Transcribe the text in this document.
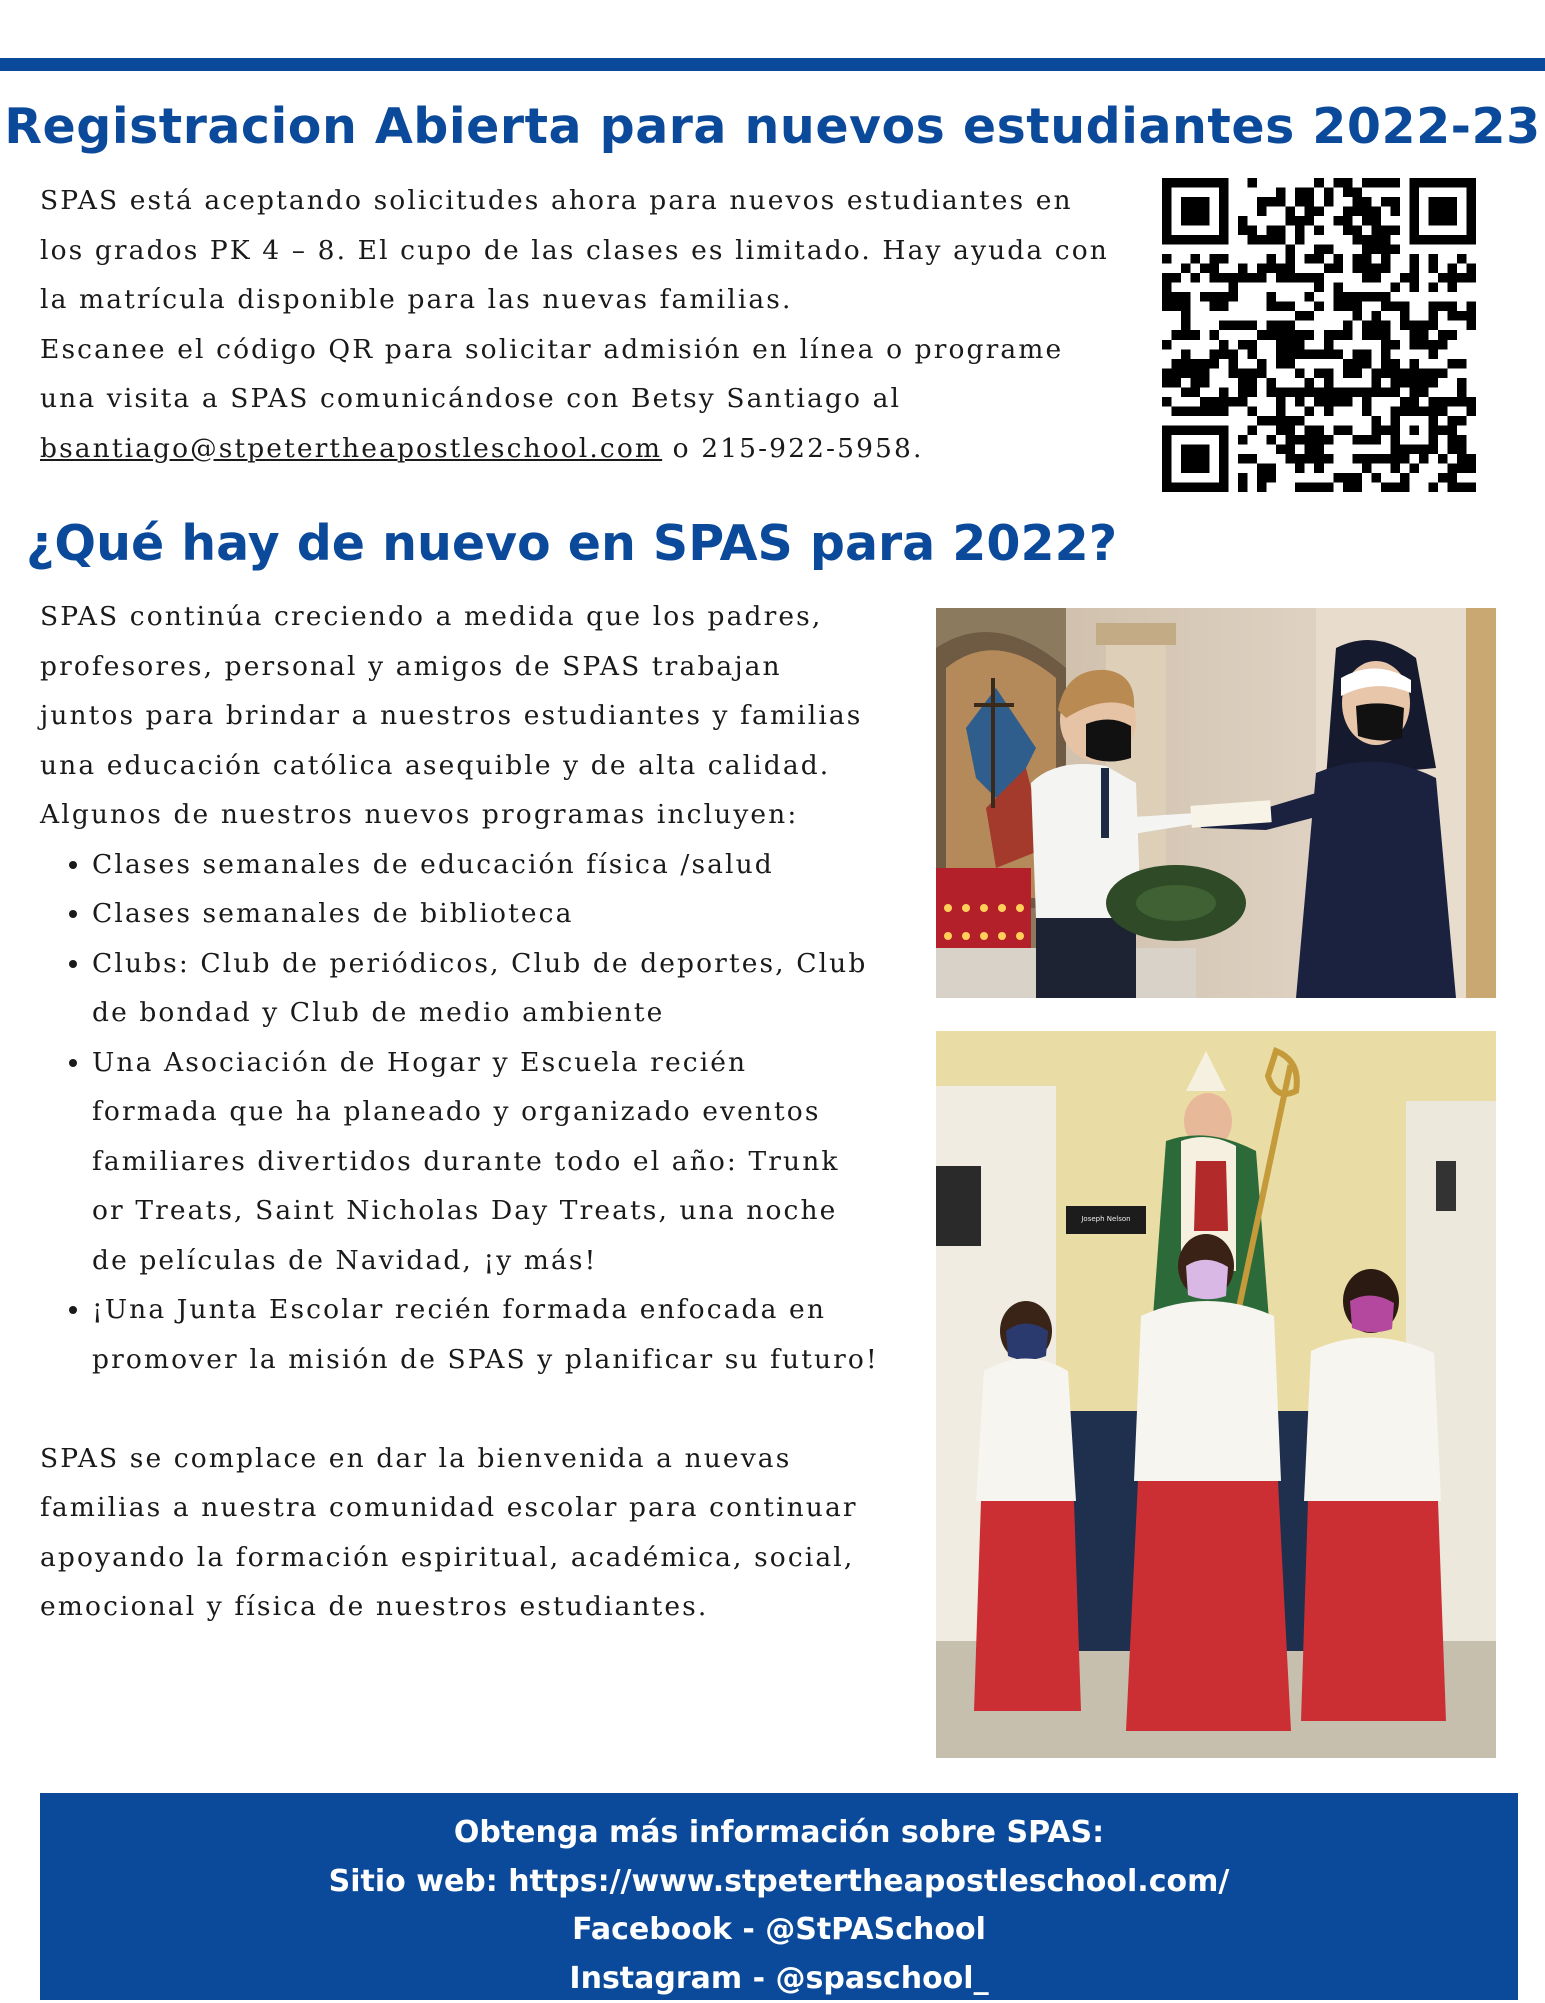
Registracion Abierta para nuevos estudiantes 2022-23

SPAS está aceptando solicitudes ahora para nuevos estudiantes en los grados PK 4 – 8. El cupo de las clases es limitado. Hay ayuda con la matrícula disponible para las nuevas familias.

Escanee el código QR para solicitar admisión en línea o programe una visita a SPAS comunicándose con Betsy Santiago al bsantiago@stpetertheapostleschool.com o 215-922-5958.

¿Qué hay de nuevo en SPAS para 2022?

SPAS continúa creciendo a medida que los padres, profesores, personal y amigos de SPAS trabajan juntos para brindar a nuestros estudiantes y familias una educación católica asequible y de alta calidad. Algunos de nuestros nuevos programas incluyen:

• Clases semanales de educación física /salud
• Clases semanales de biblioteca
• Clubs: Club de periódicos, Club de deportes, Club de bondad y Club de medio ambiente
• Una Asociación de Hogar y Escuela recién formada que ha planeado y organizado eventos familiares divertidos durante todo el año: Trunk or Treats, Saint Nicholas Day Treats, una noche de películas de Navidad, ¡y más!
• ¡Una Junta Escolar recién formada enfocada en promover la misión de SPAS y planificar su futuro!

SPAS se complace en dar la bienvenida a nuevas familias a nuestra comunidad escolar para continuar apoyando la formación espiritual, académica, social, emocional y física de nuestros estudiantes.

Joseph Nelson
Obtenga más información sobre SPAS:
Sitio web: https://www.stpetertheapostleschool.com/
Facebook - @StPASchool
Instagram - @spaschool_
